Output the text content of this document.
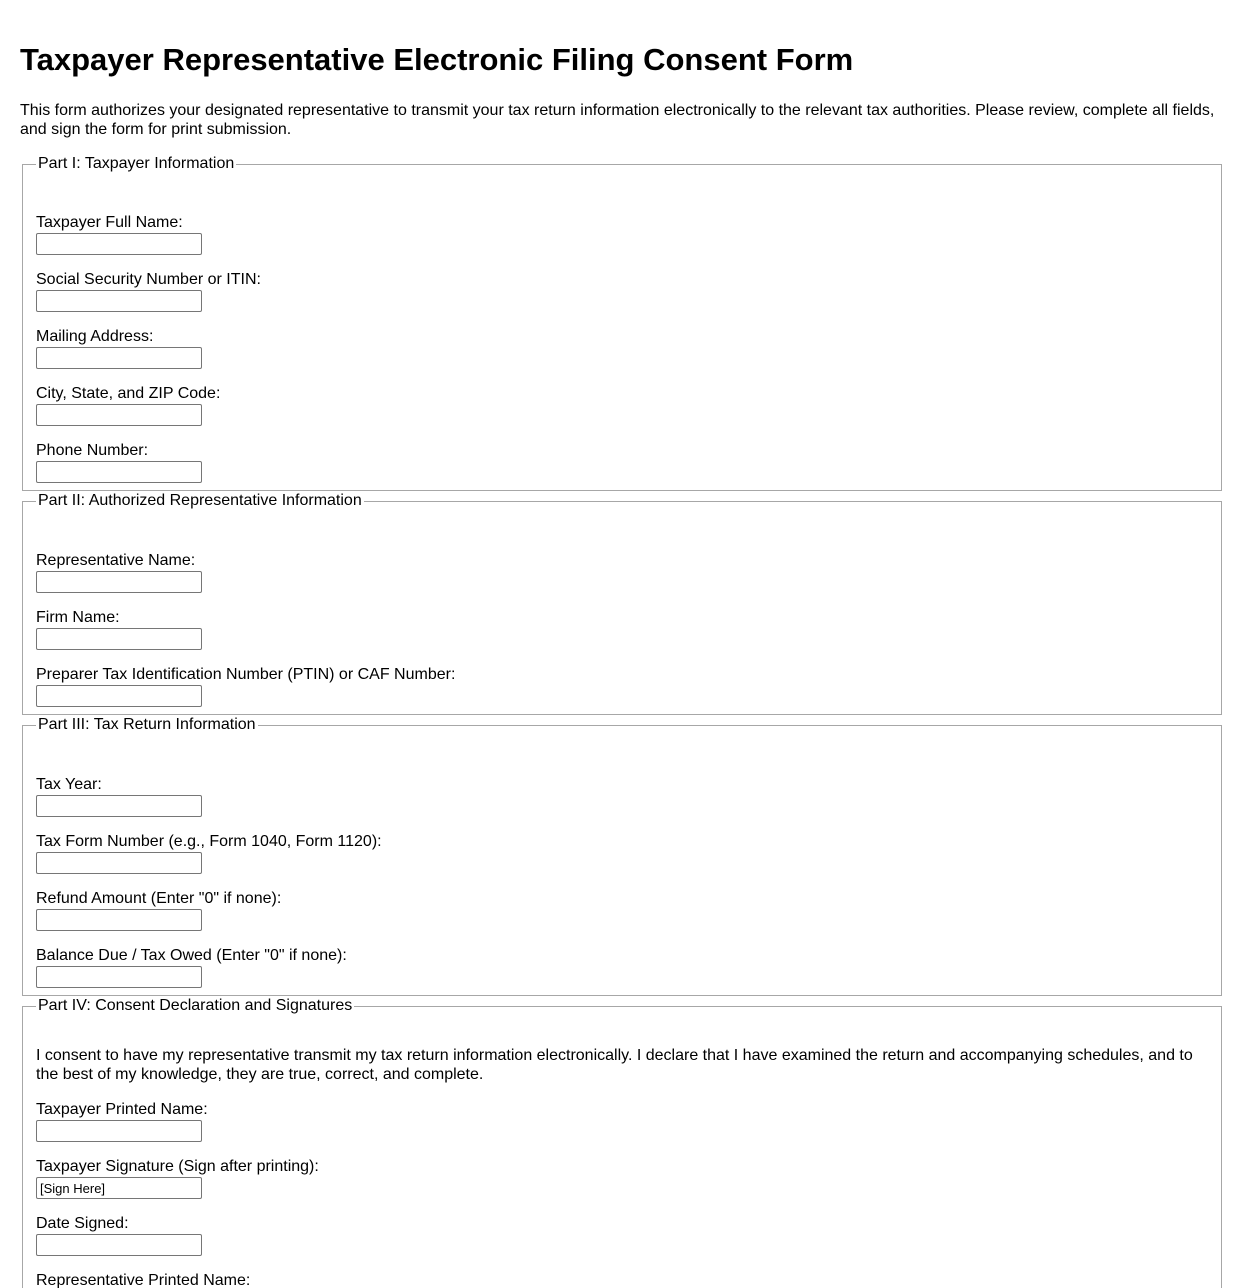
Taxpayer Representative Electronic Filing Consent Form

This form authorizes your designated representative to transmit your tax return information electronically to the relevant tax authorities. Please review, complete all fields, and sign the form for print submission.

Part I: Taxpayer Information
Taxpayer Full Name:
Social Security Number or ITIN:
Mailing Address:
City, State, and ZIP Code:
Phone Number:
Part II: Authorized Representative Information
Representative Name:
Firm Name:
Preparer Tax Identification Number (PTIN) or CAF Number:
Part III: Tax Return Information
Tax Year:
Tax Form Number (e.g., Form 1040, Form 1120):
Refund Amount (Enter "0" if none):
Balance Due / Tax Owed (Enter "0" if none):
Part IV: Consent Declaration and Signatures

I consent to have my representative transmit my tax return information electronically. I declare that I have examined the return and accompanying schedules, and to the best of my knowledge, they are true, correct, and complete.

Taxpayer Printed Name:
Taxpayer Signature (Sign after printing):
[Sign Here]
Date Signed:
Representative Printed Name:
